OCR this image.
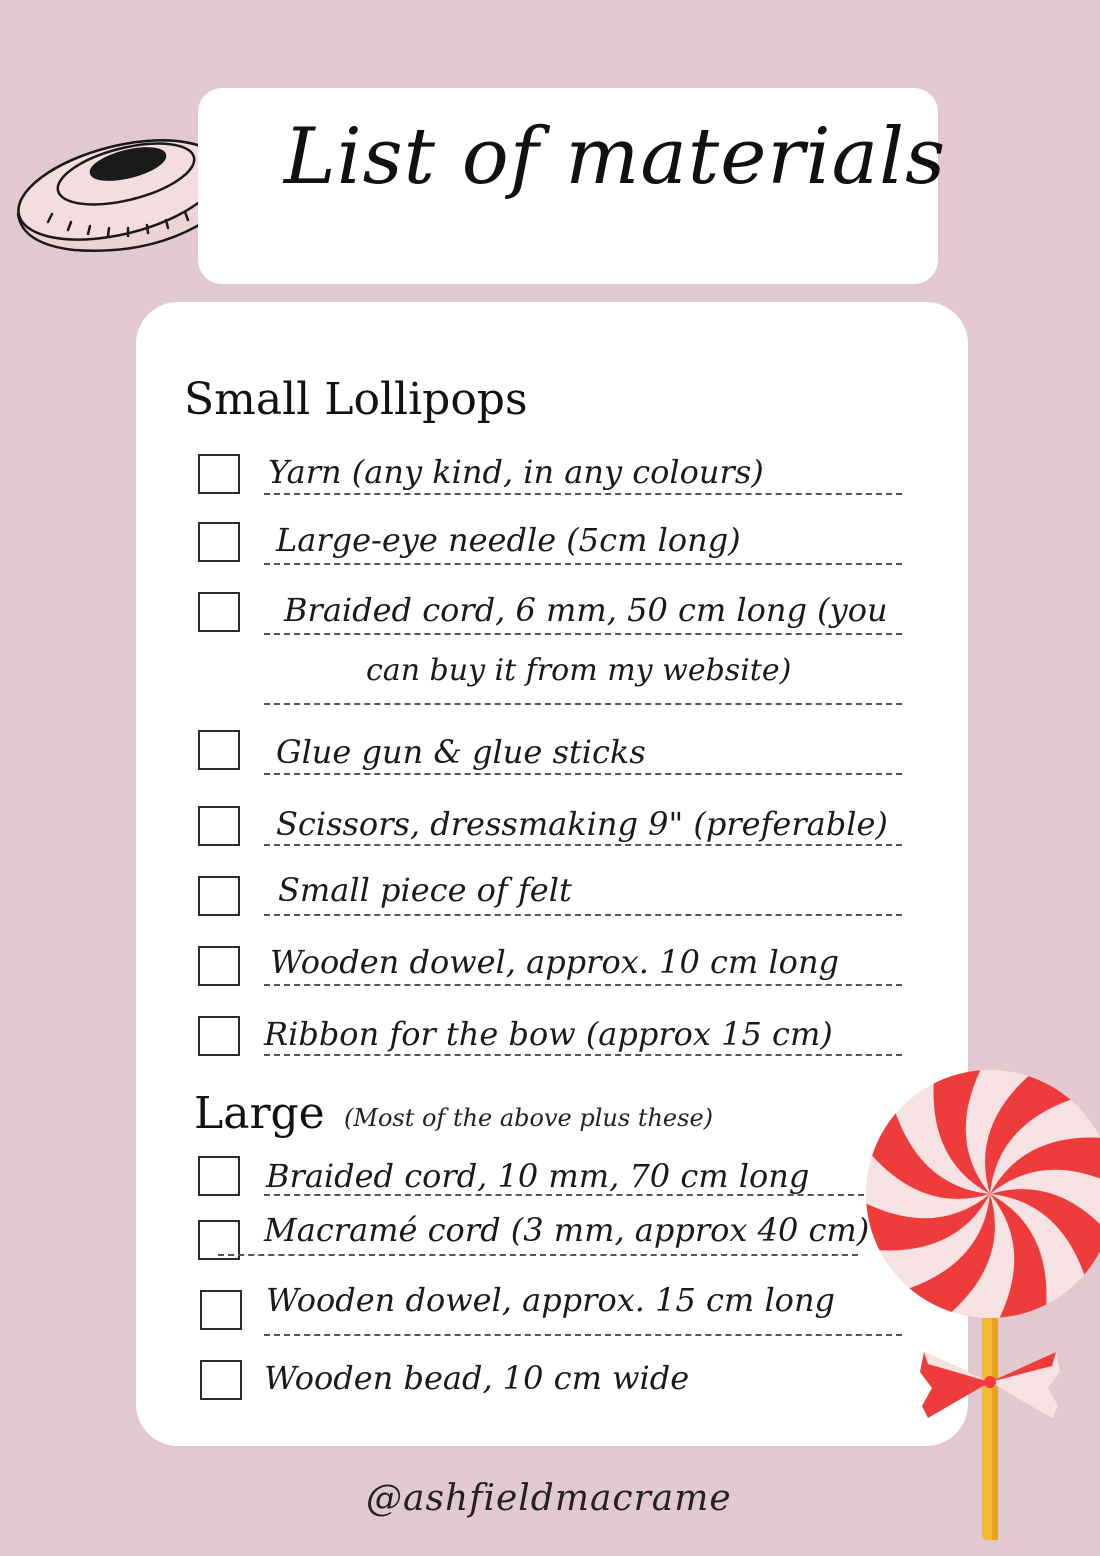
List of materials
Small Lollipops
Yarn (any kind, in any colours)
Large-eye needle (5cm long)
Braided cord, 6 mm, 50 cm long (you
can buy it from my website)
Glue gun & glue sticks
Scissors, dressmaking 9" (preferable)
Small piece of felt
Wooden dowel, approx. 10 cm long
Ribbon for the bow (approx 15 cm)
Large (Most of the above plus these)
Braided cord, 10 mm, 70 cm long
Macramé cord (3 mm, approx 40 cm)
Wooden dowel, approx. 15 cm long
Wooden bead, 10 cm wide
@ashfieldmacrame
